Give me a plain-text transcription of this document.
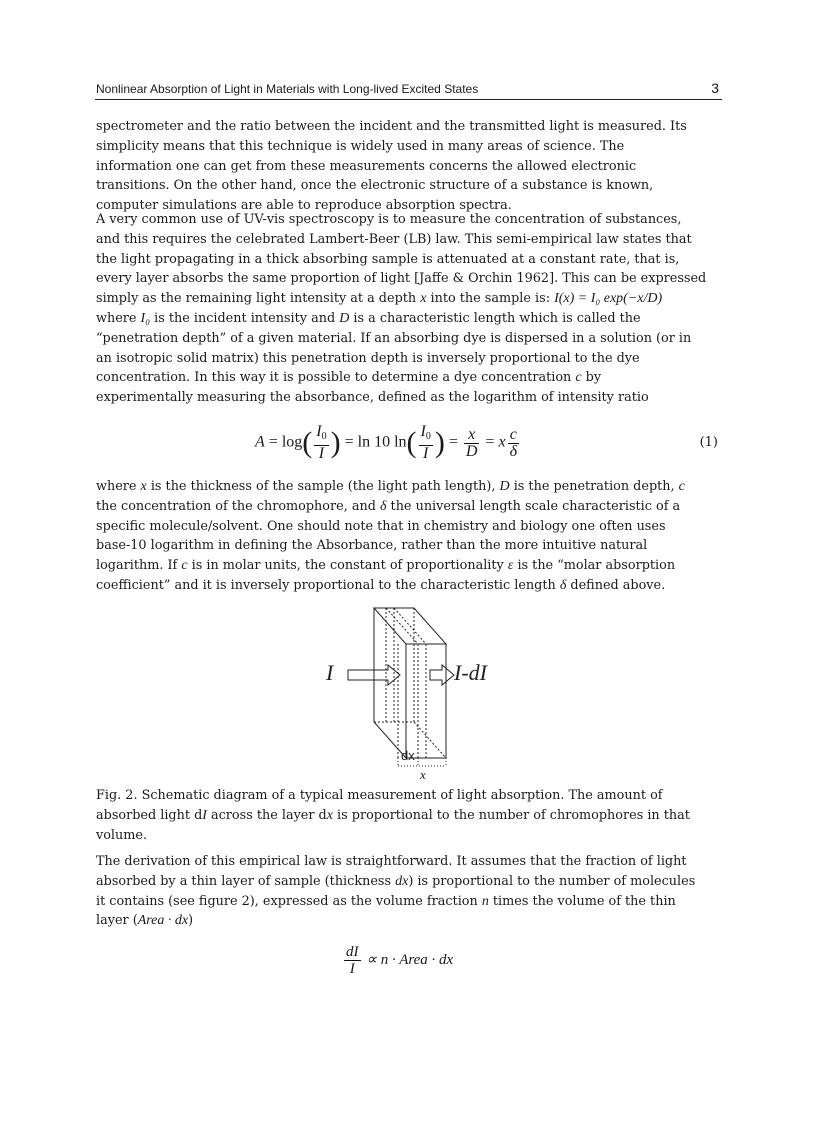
Nonlinear Absorption of Light in Materials with Long-lived Excited States	3

spectrometer and the ratio between the incident and the transmitted light is measured. Its

simplicity means that this technique is widely used in many areas of science. The

information one can get from these measurements concerns the allowed electronic

transitions. On the other hand, once the electronic structure of a substance is known,

computer simulations are able to reproduce absorption spectra.

A very common use of UV-vis spectroscopy is to measure the concentration of substances,

and this requires the celebrated Lambert-Beer (LB) law. This semi-empirical law states that

the light propagating in a thick absorbing sample is attenuated at a constant rate, that is,

every layer absorbs the same proportion of light [Jaffe & Orchin 1962]. This can be expressed

simply as the remaining light intensity at a depth x into the sample is: I(x) = I₀ exp(−x/D)

where I₀ is the incident intensity and D is a characteristic length which is called the

“penetration depth” of a given material. If an absorbing dye is dispersed in a solution (or in

an isotropic solid matrix) this penetration depth is inversely proportional to the dye

concentration. In this way it is possible to determine a dye concentration c by

experimentally measuring the absorbance, defined as the logarithm of intensity ratio

$A = \log( \frac{I_0}{I}$ ) = ln 10 $\ln( \frac{I_0}{I}$ ) = $\frac{x}{D} = x \frac{c}{\delta}$	(1)

where x is the thickness of the sample (the light path length), D is the penetration depth, c

the concentration of the chromophore, and δ the universal length scale characteristic of a

specific molecule/solvent. One should note that in chemistry and biology one often uses

base-10 logarithm in defining the Absorbance, rather than the more intuitive natural

logarithm. If c is in molar units, the constant of proportionality ε is the “molar absorption

coefficient” and it is inversely proportional to the characteristic length δ defined above.

I	I-dI
dx
x

Fig. 2. Schematic diagram of a typical measurement of light absorption. The amount of

absorbed light dI across the layer dx is proportional to the number of chromophores in that

volume.

The derivation of this empirical law is straightforward. It assumes that the fraction of light

absorbed by a thin layer of sample (thickness dx) is proportional to the number of molecules

it contains (see figure 2), expressed as the volume fraction n times the volume of the thin

layer (Area · dx)

$\frac{dI}{I} \propto n$ · Area · dx
